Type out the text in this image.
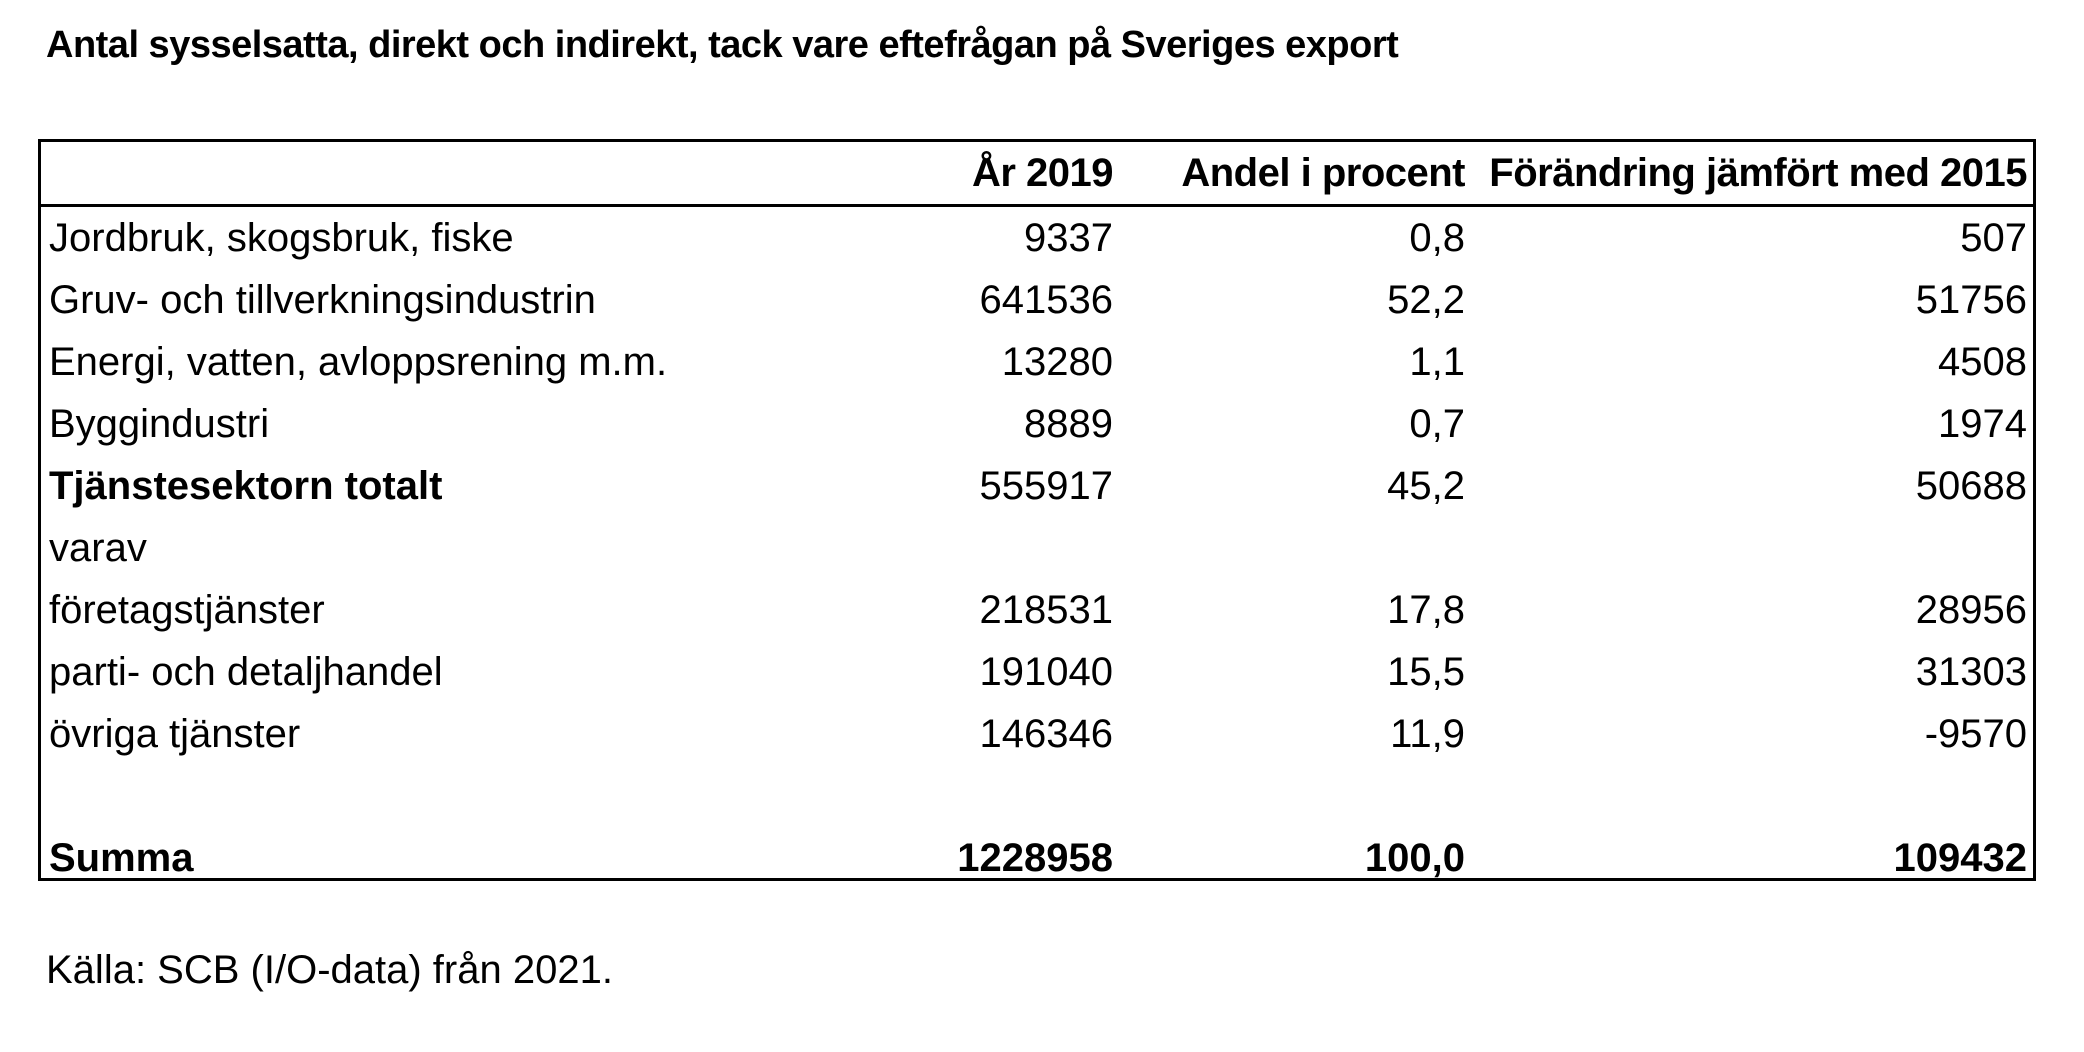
Antal sysselsatta, direkt och indirekt, tack vare eftefrågan på Sveriges export
	År 2019	Andel i procent	Förändring jämfört med 2015
Jordbruk, skogsbruk, fiske	9337	0,8	507
Gruv- och tillverkningsindustrin	641536	52,2	51756
Energi, vatten, avloppsrening m.m.	13280	1,1	4508
Byggindustri	8889	0,7	1974
Tjänstesektorn totalt	555917	45,2	50688
varav			
företagstjänster	218531	17,8	28956
parti- och detaljhandel	191040	15,5	31303
övriga tjänster	146346	11,9	-9570

Summa	1228958	100,0	109432
Källa: SCB (I/O-data) från 2021.
